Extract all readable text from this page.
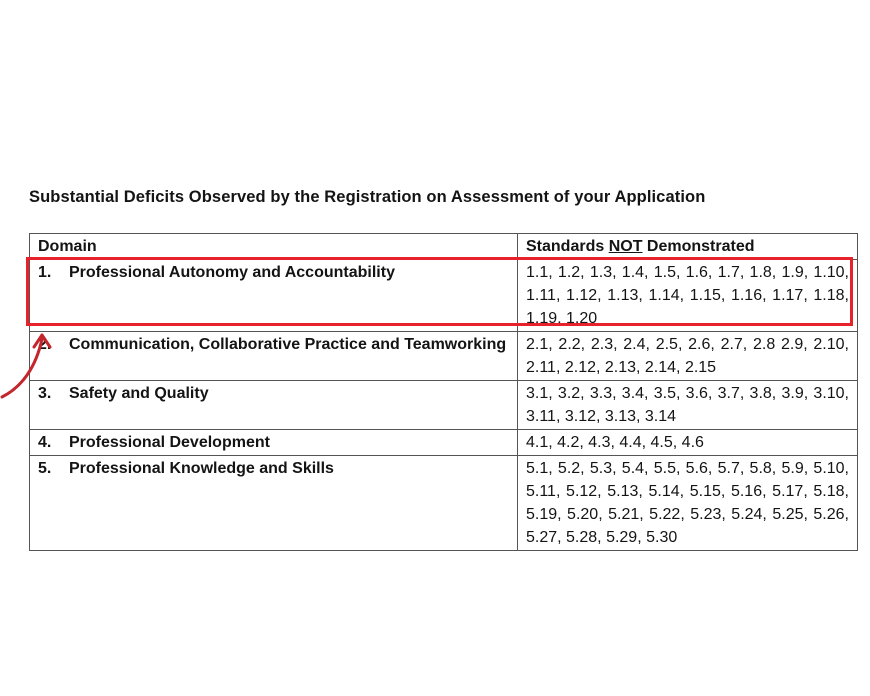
Substantial Deficits Observed by the Registration on Assessment of your Application
Domain	Standards NOT Demonstrated

1. Professional Autonomy and Accountability	1.1, 1.2, 1.3, 1.4, 1.5, 1.6, 1.7, 1.8, 1.9, 1.10, 1.11, 1.12, 1.13, 1.14, 1.15, 1.16, 1.17, 1.18, 1.19, 1.20

2. Communication, Collaborative Practice and Teamworking	2.1, 2.2, 2.3, 2.4, 2.5, 2.6, 2.7, 2.8 2.9, 2.10, 2.11, 2.12, 2.13, 2.14, 2.15

3. Safety and Quality	3.1, 3.2, 3.3, 3.4, 3.5, 3.6, 3.7, 3.8, 3.9, 3.10, 3.11, 3.12, 3.13, 3.14

4. Professional Development	4.1, 4.2, 4.3, 4.4, 4.5, 4.6

5. Professional Knowledge and Skills	5.1, 5.2, 5.3, 5.4, 5.5, 5.6, 5.7, 5.8, 5.9, 5.10, 5.11, 5.12, 5.13, 5.14, 5.15, 5.16, 5.17, 5.18, 5.19, 5.20, 5.21, 5.22, 5.23, 5.24, 5.25, 5.26, 5.27, 5.28, 5.29, 5.30
